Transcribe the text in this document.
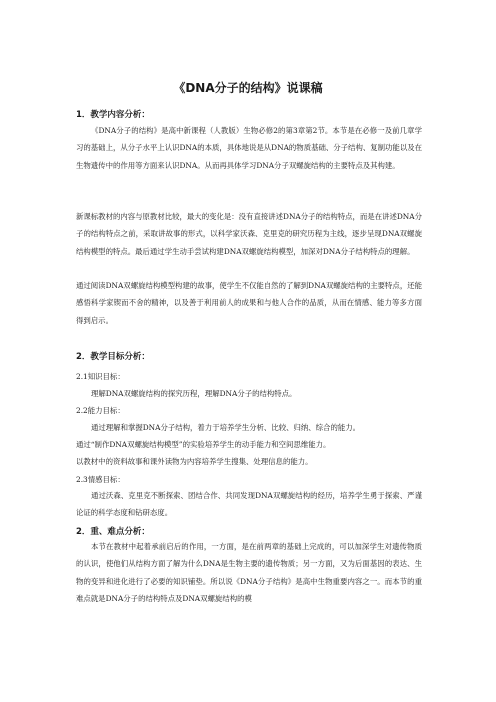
《DNA分子的结构》说课稿
1．教学内容分析：
《DNA分子的结构》是高中新课程（人教版）生物必修2的第3章第2节。本节是在必修一及前几章学习的基础上，从分子水平上认识DNA的本质，具体地说是从DNA的物质基础、分子结构、复制功能以及在生物遗传中的作用等方面来认识DNA。从而再具体学习DNA分子双螺旋结构的主要特点及其构建。
新课标教材的内容与原教材比较，最大的变化是：没有直接讲述DNA分子的结构特点，而是在讲述DNA分子的结构特点之前，采取讲故事的形式，以科学家沃森、克里克的研究历程为主线，逐步呈现DNA双螺旋结构模型的特点。最后通过学生动手尝试构建DNA双螺旋结构模型，加深对DNA分子结构特点的理解。
通过阅读DNA双螺旋结构模型构建的故事，使学生不仅能自然的了解到DNA双螺旋结构的主要特点，还能感悟科学家锲而不舍的精神，以及善于利用前人的成果和与他人合作的品质，从而在情感、能力等多方面得到启示。
2．教学目标分析：
2.1知识目标：
理解DNA双螺旋结构的探究历程，理解DNA分子的结构特点。
2.2能力目标：
通过理解和掌握DNA分子结构，着力于培养学生分析、比较、归纳、综合的能力。
通过“制作DNA双螺旋结构模型”的实验培养学生的动手能力和空间思维能力。
以教材中的资料故事和课外读物为内容培养学生搜集、处理信息的能力。
2.3情感目标：
通过沃森、克里克不断探索、团结合作、共同发现DNA双螺旋结构的经历，培养学生勇于探索、严谨论证的科学态度和钻研态度。
2．重、难点分析：
本节在教材中起着承前启后的作用，一方面，是在前两章的基础上完成的，可以加深学生对遗传物质的认识，使他们从结构方面了解为什么DNA是生物主要的遗传物质；另一方面，又为后面基因的表达、生物的变异和进化进行了必要的知识铺垫。所以说《DNA分子结构》是高中生物重要内容之一。而本节的重难点就是DNA分子的结构特点及DNA双螺旋结构的模
